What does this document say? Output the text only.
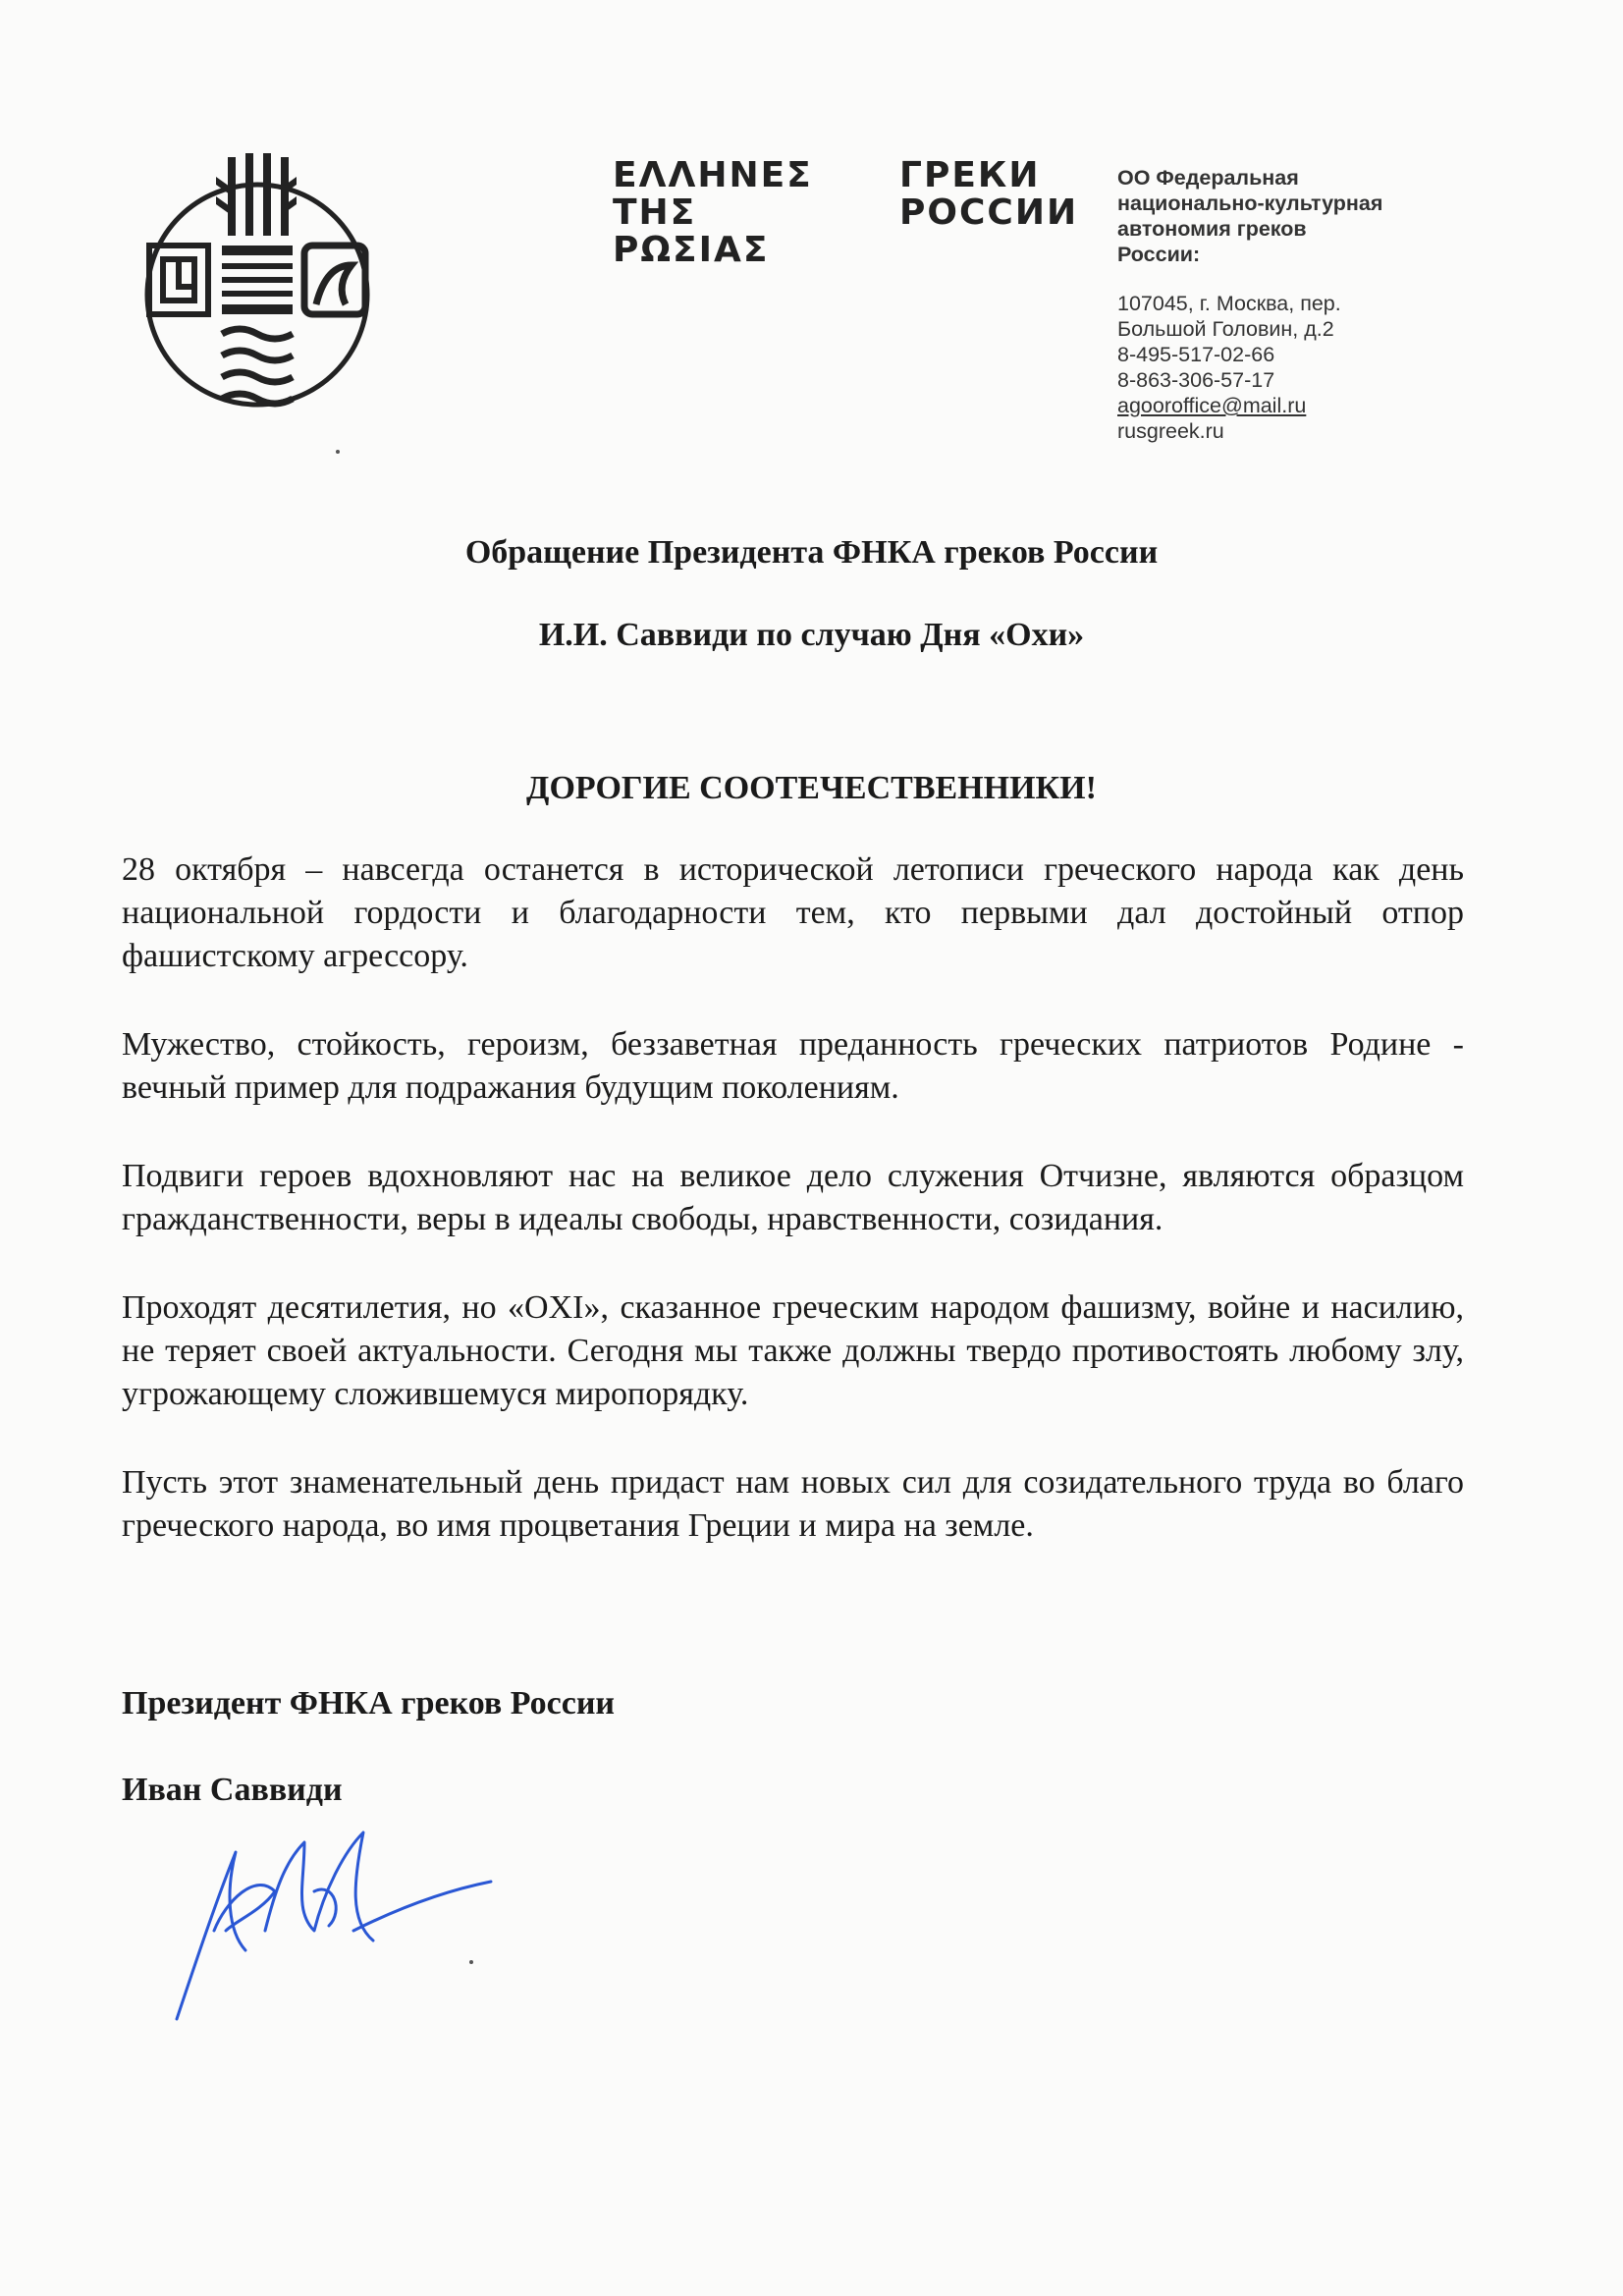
ΕΛΛΗΝΕΣ
ΤΗΣ
ΡΩΣΙΑΣ
ГРЕКИ
РОССИИ
ОО Федеральная
национально-культурная
автономия греков
России:
107045, г. Москва, пер.
Большой Головин, д.2
8-495-517-02-66
8-863-306-57-17
agooroffice@mail.ru
rusgreek.ru
Обращение Президента ФНКА греков России
И.И. Саввиди по случаю Дня «Охи»
ДОРОГИЕ СООТЕЧЕСТВЕННИКИ!

28 октября – навсегда останется в исторической летописи греческого народа как день национальной гордости и благодарности тем, кто первыми дал достойный отпор фашистскому агрессору.

Мужество, стойкость, героизм, беззаветная преданность греческих патриотов Родине - вечный пример для подражания будущим поколениям.

Подвиги героев вдохновляют нас на великое дело служения Отчизне, являются образцом гражданственности, веры в идеалы свободы, нравственности, созидания.

Проходят десятилетия, но «OXI», сказанное греческим народом фашизму, войне и насилию, не теряет своей актуальности. Сегодня мы также должны твердо противостоять любому злу, угрожающему сложившемуся миропорядку.

Пусть этот знаменательный день придаст нам новых сил для созидательного труда во благо греческого народа, во имя процветания Греции и мира на земле.

Президент ФНКА греков России
Иван Саввиди
